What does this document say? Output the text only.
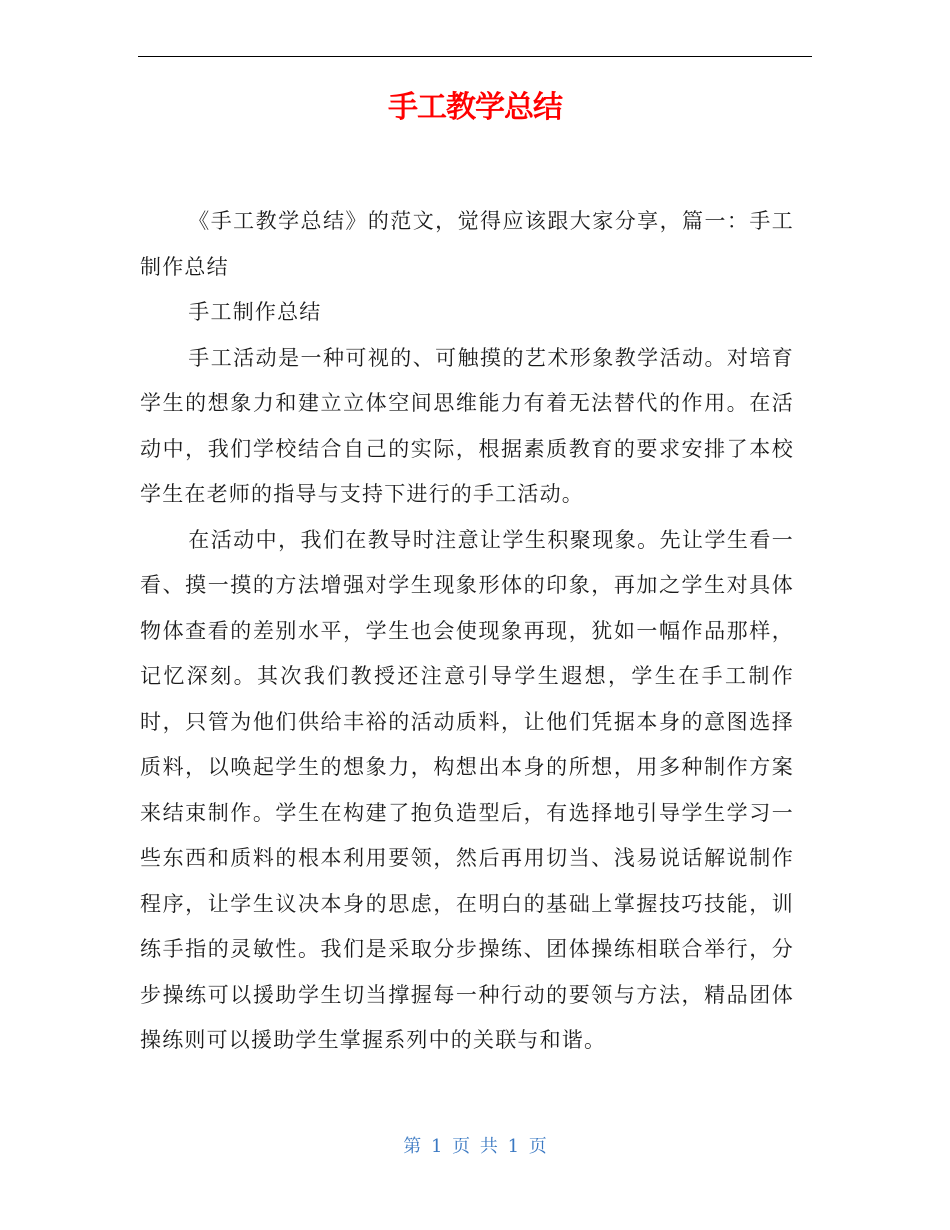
手工教学总结

《手工教学总结》的范文，觉得应该跟大家分享，篇一：手工制作总结

手工制作总结

手工活动是一种可视的、可触摸的艺术形象教学活动。对培育学生的想象力和建立立体空间思维能力有着无法替代的作用。在活动中，我们学校结合自己的实际，根据素质教育的要求安排了本校学生在老师的指导与支持下进行的手工活动。

在活动中，我们在教导时注意让学生积聚现象。先让学生看一看、摸一摸的方法增强对学生现象形体的印象，再加之学生对具体物体查看的差别水平，学生也会使现象再现，犹如一幅作品那样，记忆深刻。其次我们教授还注意引导学生遐想，学生在手工制作时，只管为他们供给丰裕的活动质料，让他们凭据本身的意图选择质料，以唤起学生的想象力，构想出本身的所想，用多种制作方案来结束制作。学生在构建了抱负造型后，有选择地引导学生学习一些东西和质料的根本利用要领，然后再用切当、浅易说话解说制作程序，让学生议决本身的思虑，在明白的基础上掌握技巧技能，训练手指的灵敏性。我们是采取分步操练、团体操练相联合举行，分步操练可以援助学生切当撑握每一种行动的要领与方法，精品团体操练则可以援助学生掌握系列中的关联与和谐。

第 1 页 共 1 页
